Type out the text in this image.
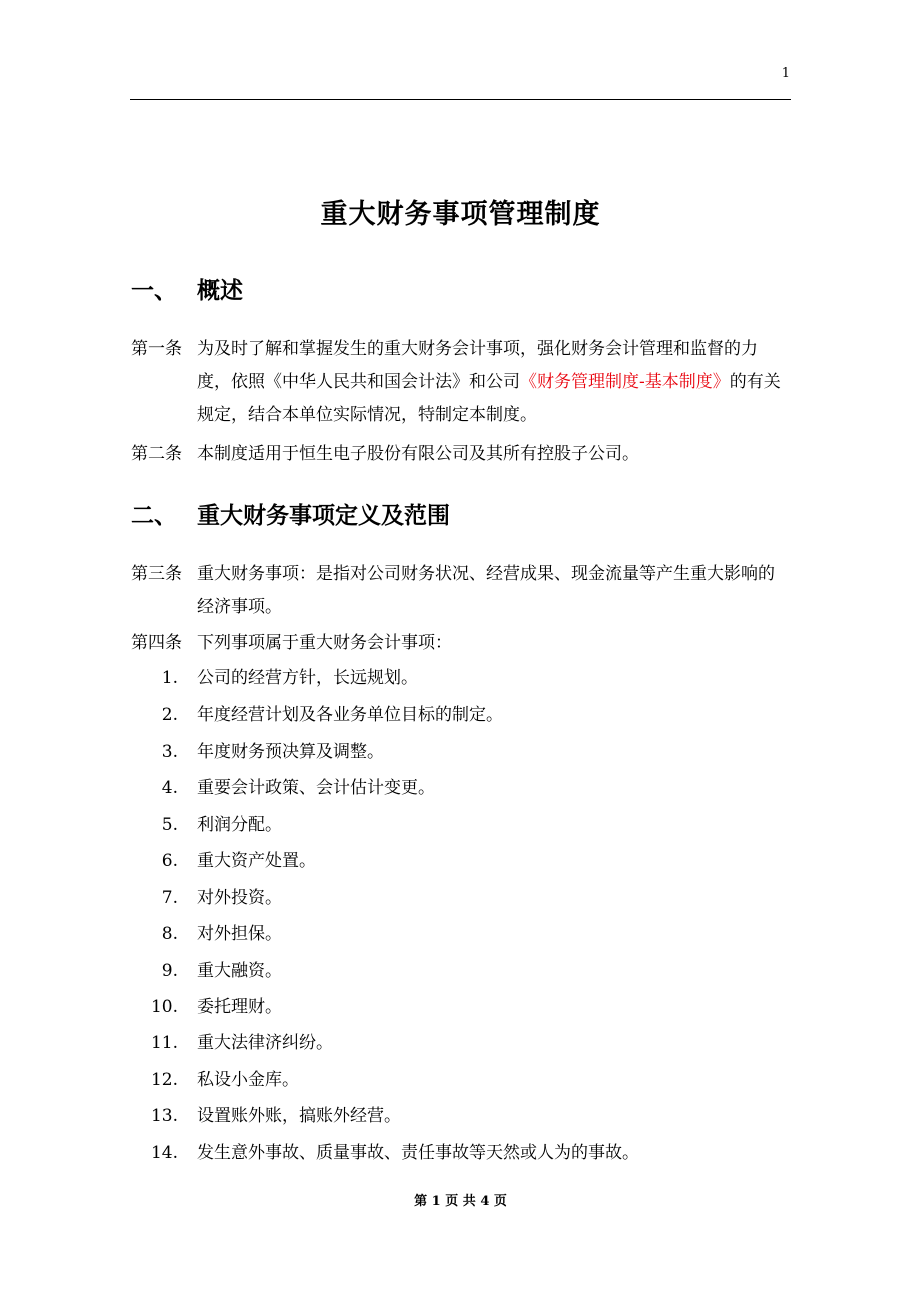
1
重大财务事项管理制度
一、 概述
第一条 为及时了解和掌握发生的重大财务会计事项，强化财务会计管理和监督的力度，依照《中华人民共和国会计法》和公司《财务管理制度-基本制度》的有关规定，结合本单位实际情况，特制定本制度。
第二条 本制度适用于恒生电子股份有限公司及其所有控股子公司。
二、 重大财务事项定义及范围
第三条 重大财务事项：是指对公司财务状况、经营成果、现金流量等产生重大影响的经济事项。
第四条 下列事项属于重大财务会计事项：
1. 公司的经营方针，长远规划。
2. 年度经营计划及各业务单位目标的制定。
3. 年度财务预决算及调整。
4. 重要会计政策、会计估计变更。
5. 利润分配。
6. 重大资产处置。
7. 对外投资。
8. 对外担保。
9. 重大融资。
10. 委托理财。
11. 重大法律济纠纷。
12. 私设小金库。
13. 设置账外账，搞账外经营。
14. 发生意外事故、质量事故、责任事故等天然或人为的事故。
第 1 页 共 4 页
